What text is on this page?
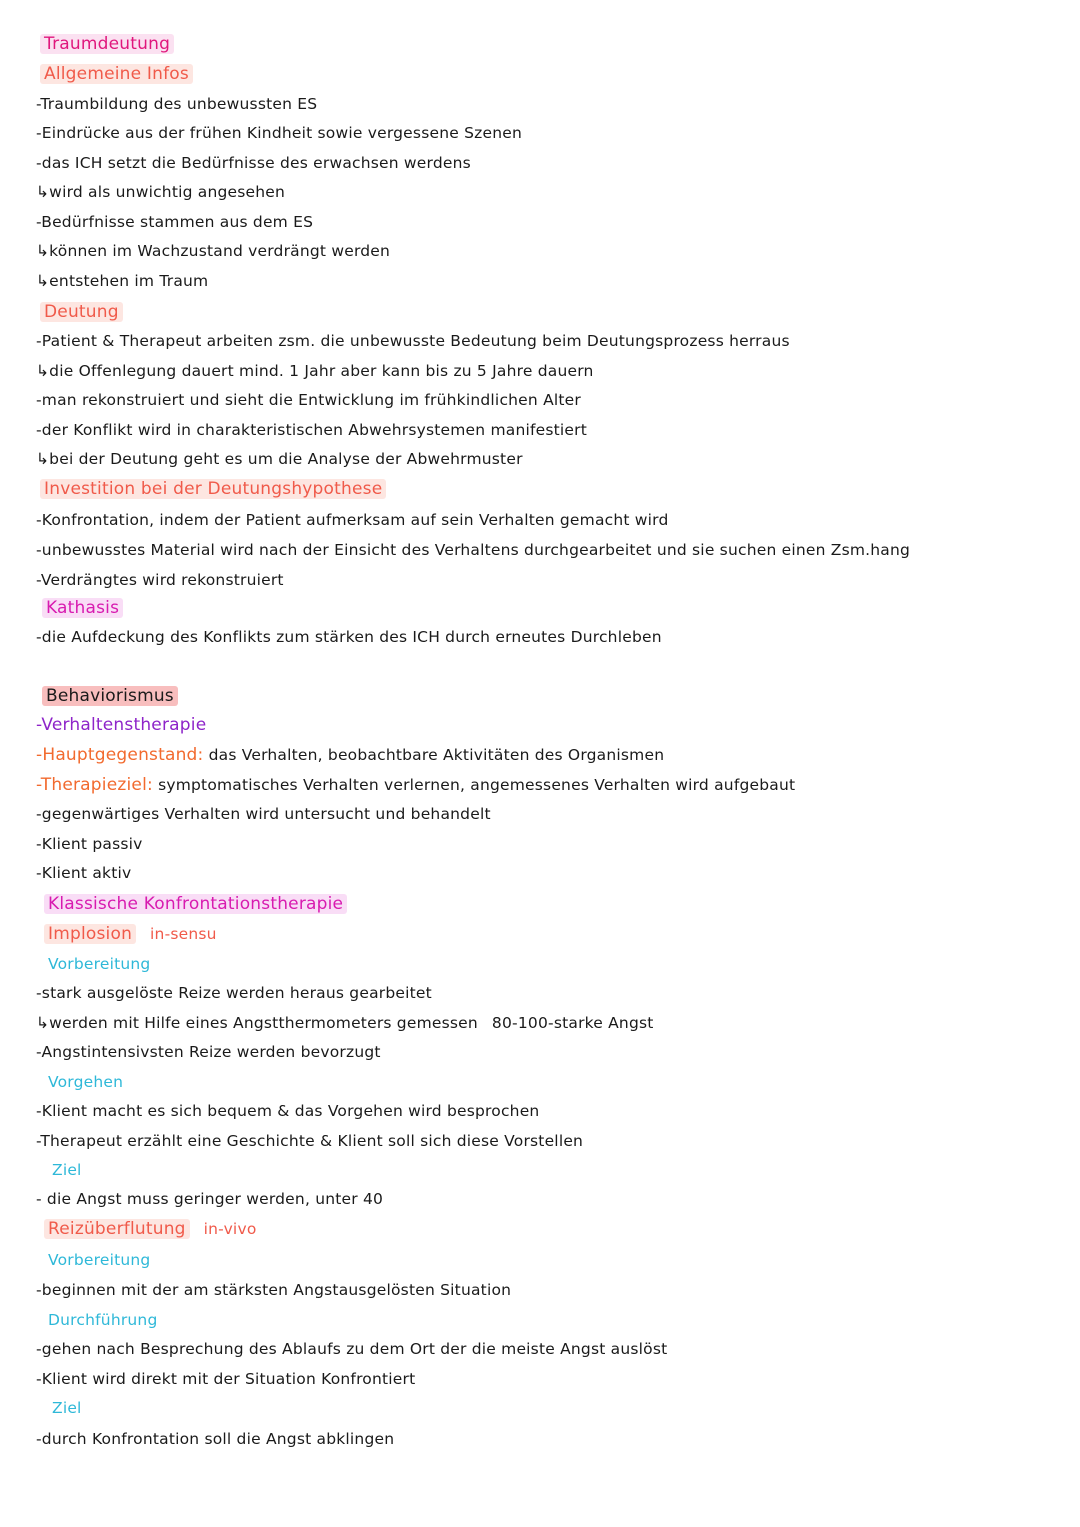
Traumdeutung
Allgemeine Infos
-Traumbildung des unbewussten ES
-Eindrücke aus der frühen Kindheit sowie vergessene Szenen
-das ICH setzt die Bedürfnisse des erwachsen werdens
↳wird als unwichtig angesehen
-Bedürfnisse stammen aus dem ES
↳können im Wachzustand verdrängt werden
↳entstehen im Traum
Deutung
-Patient & Therapeut arbeiten zsm. die unbewusste Bedeutung beim Deutungsprozess herraus
↳die Offenlegung dauert mind. 1 Jahr aber kann bis zu 5 Jahre dauern
-man rekonstruiert und sieht die Entwicklung im frühkindlichen Alter
-der Konflikt wird in charakteristischen Abwehrsystemen manifestiert
↳bei der Deutung geht es um die Analyse der Abwehrmuster
Investition bei der Deutungshypothese
-Konfrontation, indem der Patient aufmerksam auf sein Verhalten gemacht wird
-unbewusstes Material wird nach der Einsicht des Verhaltens durchgearbeitet und sie suchen einen Zsm.hang
-Verdrängtes wird rekonstruiert
Kathasis
-die Aufdeckung des Konflikts zum stärken des ICH durch erneutes Durchleben
Behaviorismus
-Verhaltenstherapie
-Hauptgegenstand: das Verhalten, beobachtbare Aktivitäten des Organismen
-Therapieziel: symptomatisches Verhalten verlernen, angemessenes Verhalten wird aufgebaut
-gegenwärtiges Verhalten wird untersucht und behandelt
-Klient passiv
-Klient aktiv
Klassische Konfrontationstherapie
Implosion in-sensu
Vorbereitung
-stark ausgelöste Reize werden heraus gearbeitet
↳werden mit Hilfe eines Angstthermometers gemessen 80-100-starke Angst
-Angstintensivsten Reize werden bevorzugt
Vorgehen
-Klient macht es sich bequem & das Vorgehen wird besprochen
-Therapeut erzählt eine Geschichte & Klient soll sich diese Vorstellen
Ziel
- die Angst muss geringer werden, unter 40
Reizüberflutung in-vivo
Vorbereitung
-beginnen mit der am stärksten Angstausgelösten Situation
Durchführung
-gehen nach Besprechung des Ablaufs zu dem Ort der die meiste Angst auslöst
-Klient wird direkt mit der Situation Konfrontiert
Ziel
-durch Konfrontation soll die Angst abklingen
